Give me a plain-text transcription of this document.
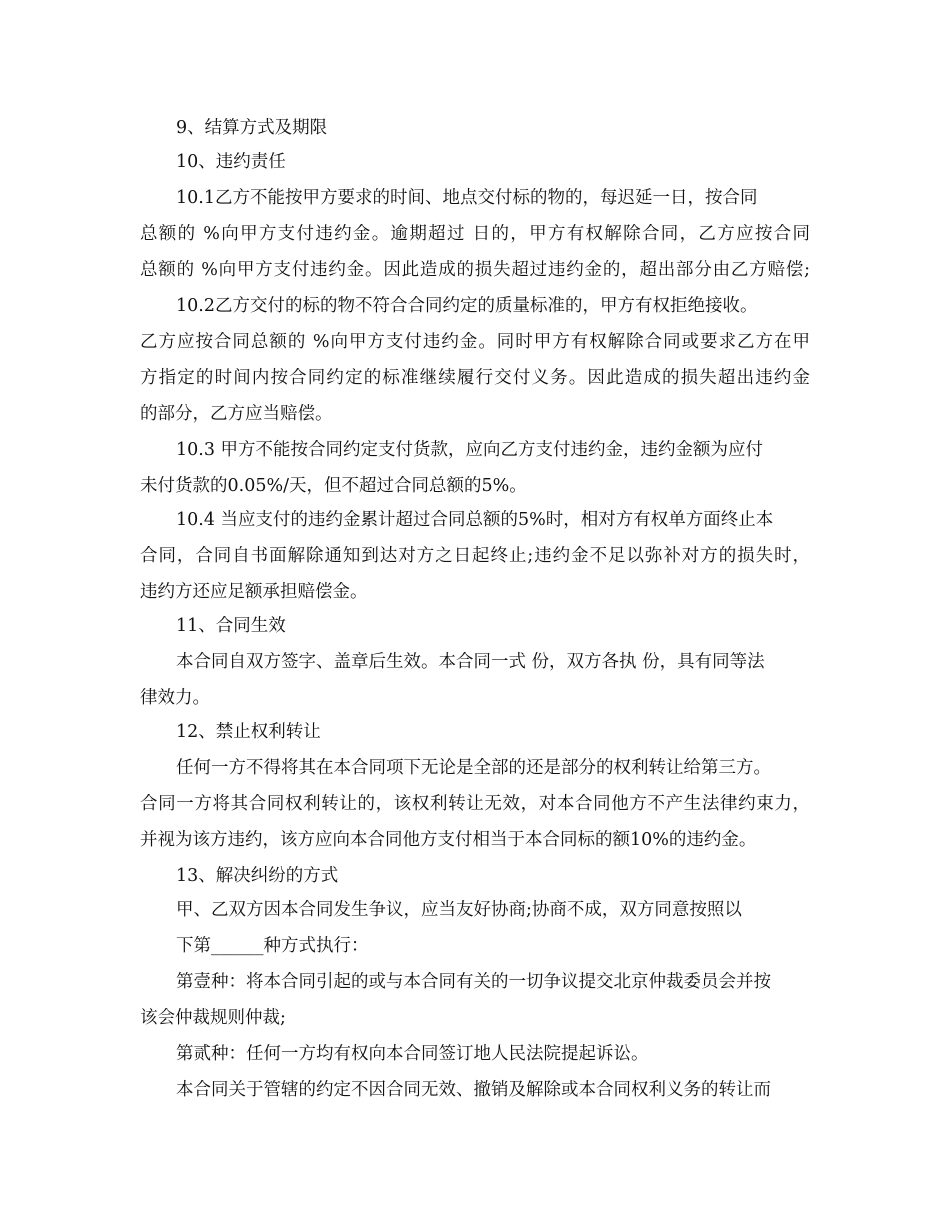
9、结算方式及期限
10、违约责任
10.1乙方不能按甲方要求的时间、地点交付标的物的，每迟延一日，按合同
总额的 %向甲方支付违约金。逾期超过 日的，甲方有权解除合同，乙方应按合同
总额的 %向甲方支付违约金。因此造成的损失超过违约金的，超出部分由乙方赔偿;
10.2乙方交付的标的物不符合合同约定的质量标准的，甲方有权拒绝接收。
乙方应按合同总额的 %向甲方支付违约金。同时甲方有权解除合同或要求乙方在甲
方指定的时间内按合同约定的标准继续履行交付义务。因此造成的损失超出违约金
的部分，乙方应当赔偿。
10.3 甲方不能按合同约定支付货款，应向乙方支付违约金，违约金额为应付
未付货款的0.05%/天，但不超过合同总额的5%。
10.4 当应支付的违约金累计超过合同总额的5%时，相对方有权单方面终止本
合同，合同自书面解除通知到达对方之日起终止;违约金不足以弥补对方的损失时，
违约方还应足额承担赔偿金。
11、合同生效
本合同自双方签字、盖章后生效。本合同一式 份，双方各执 份，具有同等法
律效力。
12、禁止权利转让
任何一方不得将其在本合同项下无论是全部的还是部分的权利转让给第三方。
合同一方将其合同权利转让的，该权利转让无效，对本合同他方不产生法律约束力，
并视为该方违约，该方应向本合同他方支付相当于本合同标的额10%的违约金。
13、解决纠纷的方式
甲、乙双方因本合同发生争议，应当友好协商;协商不成，双方同意按照以
下第______种方式执行：
第壹种：将本合同引起的或与本合同有关的一切争议提交北京仲裁委员会并按
该会仲裁规则仲裁;
第贰种：任何一方均有权向本合同签订地人民法院提起诉讼。
本合同关于管辖的约定不因合同无效、撤销及解除或本合同权利义务的转让而
